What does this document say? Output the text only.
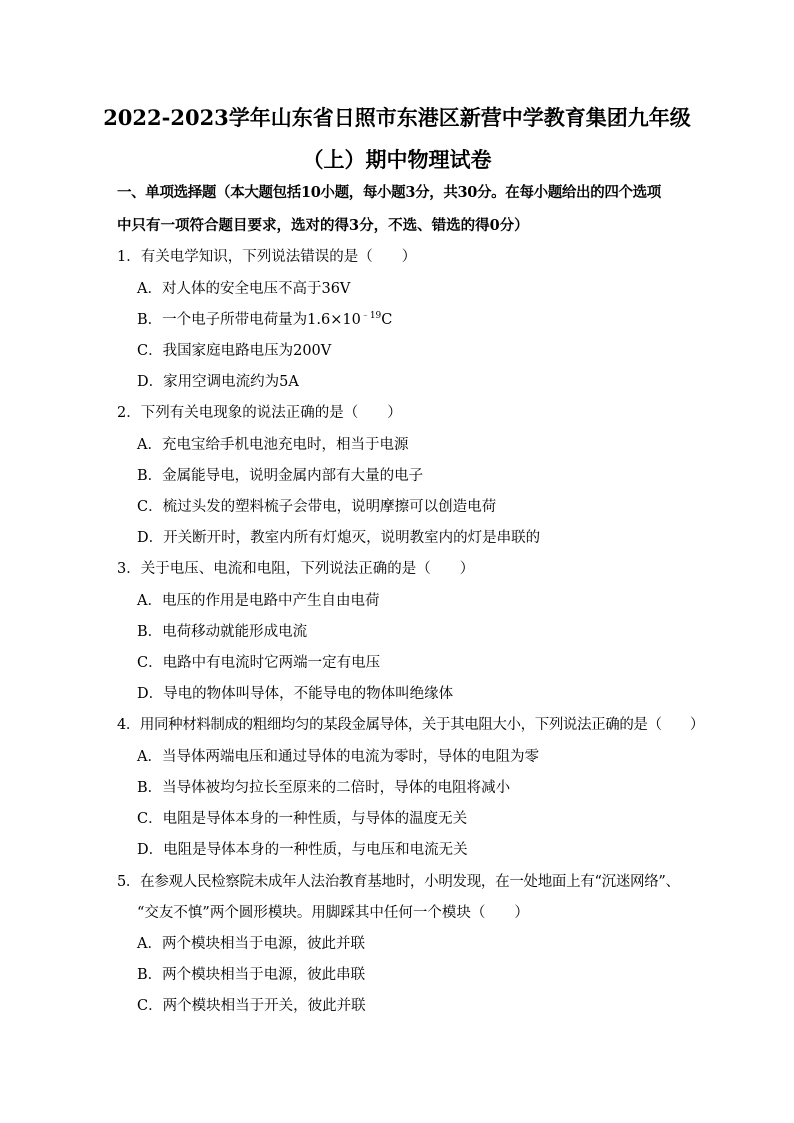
2022-2023学年山东省日照市东港区新营中学教育集团九年级
（上）期中物理试卷
一、单项选择题（本大题包括10小题，每小题3分，共30分。在每小题给出的四个选项
中只有一项符合题目要求，选对的得3分，不选、错选的得0分）
1．有关电学知识，下列说法错误的是（　　）
A．对人体的安全电压不高于36V
B．一个电子所带电荷量为$1.6\times 10^{﹣19}C$
C．我国家庭电路电压为200V
D．家用空调电流约为5A
2．下列有关电现象的说法正确的是（　　）
A．充电宝给手机电池充电时，相当于电源
B．金属能导电，说明金属内部有大量的电子
C．梳过头发的塑料梳子会带电，说明摩擦可以创造电荷
D．开关断开时，教室内所有灯熄灭，说明教室内的灯是串联的
3．关于电压、电流和电阻，下列说法正确的是（　　）
A．电压的作用是电路中产生自由电荷
B．电荷移动就能形成电流
C．电路中有电流时它两端一定有电压
D．导电的物体叫导体，不能导电的物体叫绝缘体
4．用同种材料制成的粗细均匀的某段金属导体，关于其电阻大小，下列说法正确的是（　　）
A．当导体两端电压和通过导体的电流为零时，导体的电阻为零
B．当导体被均匀拉长至原来的二倍时，导体的电阻将减小
C．电阻是导体本身的一种性质，与导体的温度无关
D．电阻是导体本身的一种性质，与电压和电流无关
5．在参观人民检察院未成年人法治教育基地时，小明发现，在一处地面上有“沉迷网络”、
“交友不慎”两个圆形模块。用脚踩其中任何一个模块（　　）
A．两个模块相当于电源，彼此并联
B．两个模块相当于电源，彼此串联
C．两个模块相当于开关，彼此并联
